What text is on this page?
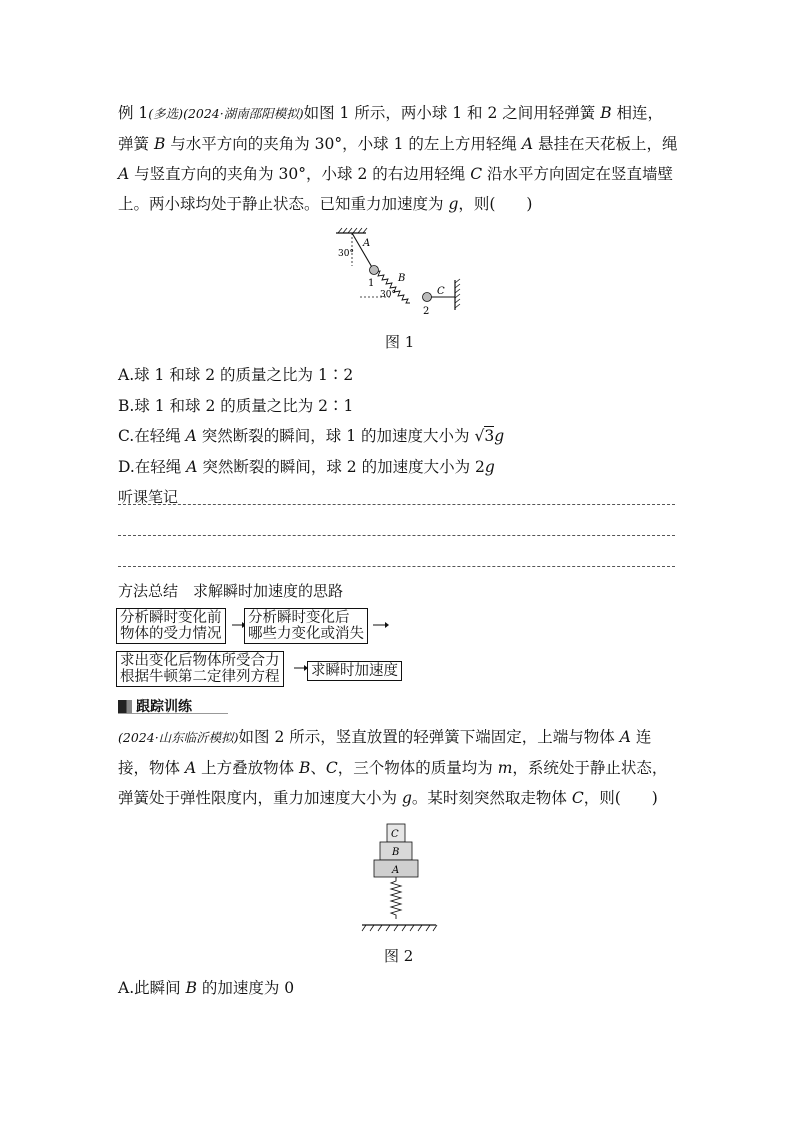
例 1(多选)(2024·湖南邵阳模拟)如图 1 所示，两小球 1 和 2 之间用轻弹簧 B 相连，弹簧 B 与水平方向的夹角为 30°，小球 1 的左上方用轻绳 A 悬挂在天花板上，绳 A 与竖直方向的夹角为 30°，小球 2 的右边用轻绳 C 沿水平方向固定在竖直墙壁上。两小球均处于静止状态。已知重力加速度为 g，则(　　)
A
30°
B
30°
1
2
C
图 1
A.球 1 和球 2 的质量之比为 1∶2
B.球 1 和球 2 的质量之比为 2∶1
C.在轻绳 A 突然断裂的瞬间，球 1 的加速度大小为 √3g
D.在轻绳 A 突然断裂的瞬间，球 2 的加速度大小为 2g
听课笔记
方法总结　求解瞬时加速度的思路
分析瞬时变化前
物体的受力情况
分析瞬时变化后
哪些力变化或消失
求出变化后物体所受合力
根据牛顿第二定律列方程 求瞬时加速度
跟踪训练
(2024·山东临沂模拟)如图 2 所示，竖直放置的轻弹簧下端固定，上端与物体 A 连接，物体 A 上方叠放物体 B、C，三个物体的质量均为 m，系统处于静止状态，弹簧处于弹性限度内，重力加速度大小为 g。某时刻突然取走物体 C，则(　　)
C
B
A
图 2
A.此瞬间 B 的加速度为 0
